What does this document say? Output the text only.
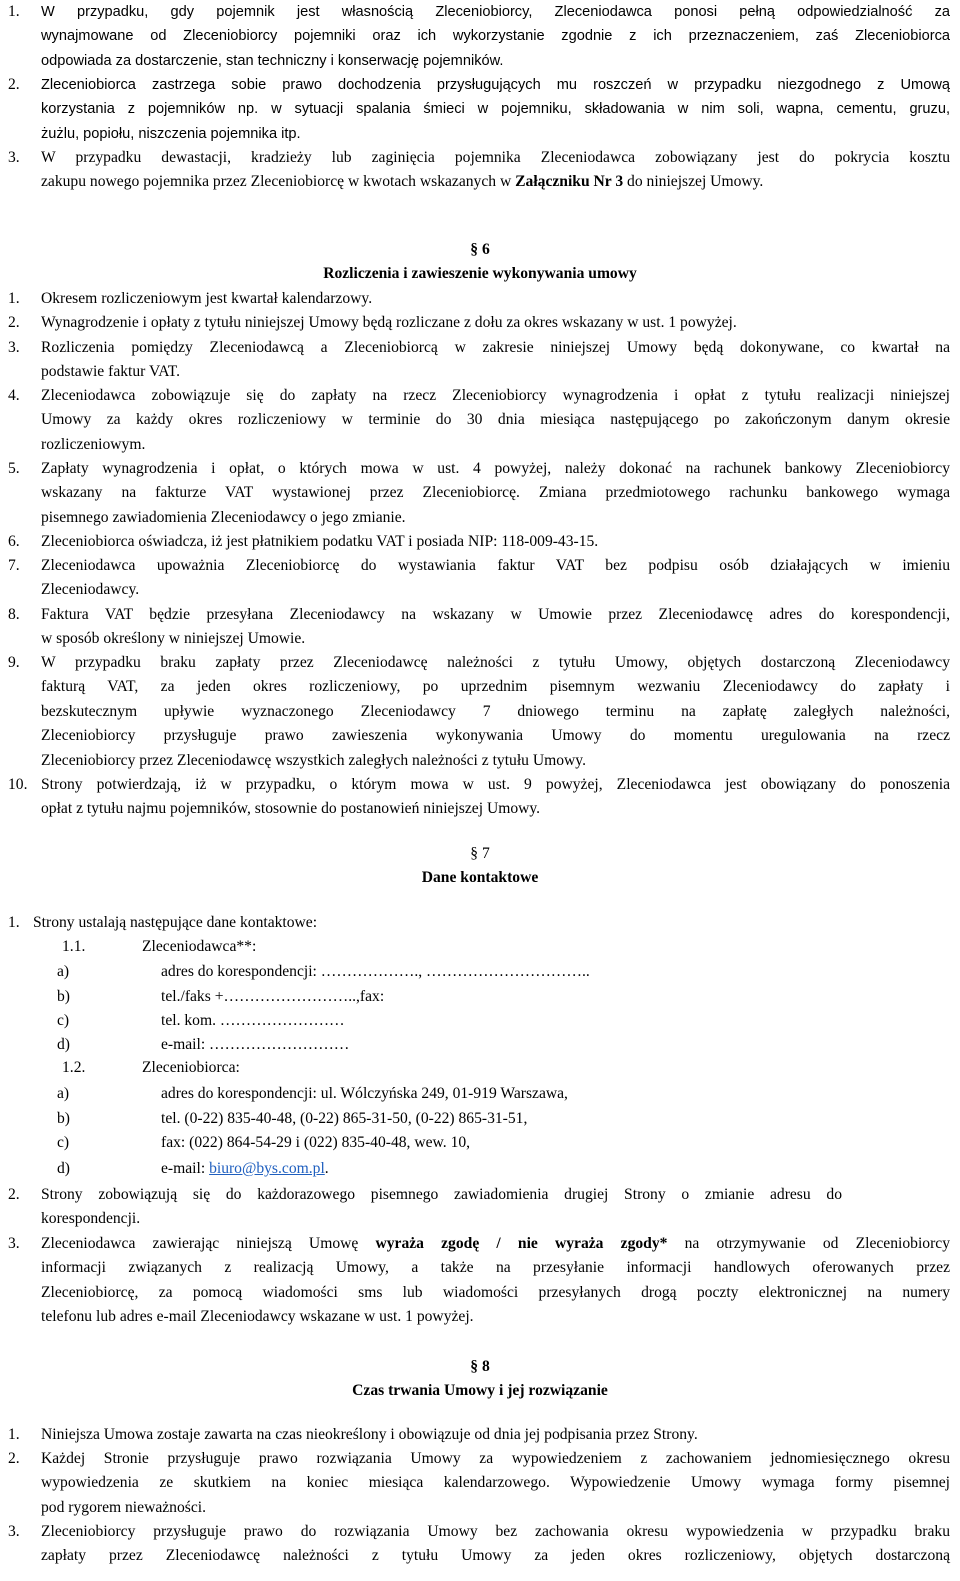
1. W przypadku, gdy pojemnik jest własnością Zleceniobiorcy, Zleceniodawca ponosi pełną odpowiedzialność za

wynajmowane od Zleceniobiorcy pojemniki oraz ich wykorzystanie zgodnie z ich przeznaczeniem, zaś Zleceniobiorca

odpowiada za dostarczenie, stan techniczny i konserwację pojemników.

2. Zleceniobiorca zastrzega sobie prawo dochodzenia przysługujących mu roszczeń w przypadku niezgodnego z Umową

korzystania z pojemników np. w sytuacji spalania śmieci w pojemniku, składowania w nim soli, wapna, cementu, gruzu,

żużlu, popiołu, niszczenia pojemnika itp.

3. W przypadku dewastacji, kradzieży lub zaginięcia pojemnika Zleceniodawca zobowiązany jest do pokrycia kosztu

zakupu nowego pojemnika przez Zleceniobiorcę w kwotach wskazanych w Załączniku Nr 3 do niniejszej Umowy.

§ 6
Rozliczenia i zawieszenie wykonywania umowy
1. Okresem rozliczeniowym jest kwartał kalendarzowy.

2. Wynagrodzenie i opłaty z tytułu niniejszej Umowy będą rozliczane z dołu za okres wskazany w ust. 1 powyżej.

3. Rozliczenia pomiędzy Zleceniodawcą a Zleceniobiorcą w zakresie niniejszej Umowy będą dokonywane, co kwartał na

podstawie faktur VAT.

4. Zleceniodawca zobowiązuje się do zapłaty na rzecz Zleceniobiorcy wynagrodzenia i opłat z tytułu realizacji niniejszej

Umowy za każdy okres rozliczeniowy w terminie do 30 dnia miesiąca następującego po zakończonym danym okresie

rozliczeniowym.

5. Zapłaty wynagrodzenia i opłat, o których mowa w ust. 4 powyżej, należy dokonać na rachunek bankowy Zleceniobiorcy

wskazany na fakturze VAT wystawionej przez Zleceniobiorcę. Zmiana przedmiotowego rachunku bankowego wymaga

pisemnego zawiadomienia Zleceniodawcy o jego zmianie.

6. Zleceniobiorca oświadcza, iż jest płatnikiem podatku VAT i posiada NIP: 118-009-43-15.

7. Zleceniodawca upoważnia Zleceniobiorcę do wystawiania faktur VAT bez podpisu osób działających w imieniu

Zleceniodawcy.

8. Faktura VAT będzie przesyłana Zleceniodawcy na wskazany w Umowie przez Zleceniodawcę adres do korespondencji,

w sposób określony w niniejszej Umowie.

9. W przypadku braku zapłaty przez Zleceniodawcę należności z tytułu Umowy, objętych dostarczoną Zleceniodawcy

fakturą VAT, za jeden okres rozliczeniowy, po uprzednim pisemnym wezwaniu Zleceniodawcy do zapłaty i

bezskutecznym upływie wyznaczonego Zleceniodawcy 7 dniowego terminu na zapłatę zaległych należności,

Zleceniobiorcy przysługuje prawo zawieszenia wykonywania Umowy do momentu uregulowania na rzecz

Zleceniobiorcy przez Zleceniodawcę wszystkich zaległych należności z tytułu Umowy.

10. Strony potwierdzają, iż w przypadku, o którym mowa w ust. 9 powyżej, Zleceniodawca jest obowiązany do ponoszenia

opłat z tytułu najmu pojemników, stosownie do postanowień niniejszej Umowy.

§ 7
Dane kontaktowe
1. Strony ustalają następujące dane kontaktowe:
1.1.	Zleceniodawca**:
a)	adres do korespondencji: ………………., …………………………..
b)	tel./faks +……………………..,fax:
c)	tel. kom. ……………………
d)	e-mail: ………………………
1.2.	Zleceniobiorca:
a)	adres do korespondencji: ul. Wólczyńska 249, 01-919 Warszawa,
b)	tel. (0-22) 835-40-48, (0-22) 865-31-50, (0-22) 865-31-51,
c)	fax: (022) 864-54-29 i (022) 835-40-48, wew. 10,
d)	e-mail: biuro@bys.com.pl.
2. Strony zobowiązują się do każdorazowego pisemnego zawiadomienia drugiej Strony o zmianie adresu do

korespondencji.

3. Zleceniodawca zawierając niniejszą Umowę wyraża zgodę / nie wyraża zgody* na otrzymywanie od Zleceniobiorcy

informacji związanych z realizacją Umowy, a także na przesyłanie informacji handlowych oferowanych przez

Zleceniobiorcę, za pomocą wiadomości sms lub wiadomości przesyłanych drogą poczty elektronicznej na numery

telefonu lub adres e-mail Zleceniodawcy wskazane w ust. 1 powyżej.

§ 8
Czas trwania Umowy i jej rozwiązanie
1. Niniejsza Umowa zostaje zawarta na czas nieokreślony i obowiązuje od dnia jej podpisania przez Strony.

2. Każdej Stronie przysługuje prawo rozwiązania Umowy za wypowiedzeniem z zachowaniem jednomiesięcznego okresu

wypowiedzenia ze skutkiem na koniec miesiąca kalendarzowego. Wypowiedzenie Umowy wymaga formy pisemnej

pod rygorem nieważności.

3. Zleceniobiorcy przysługuje prawo do rozwiązania Umowy bez zachowania okresu wypowiedzenia w przypadku braku

zapłaty przez Zleceniodawcę należności z tytułu Umowy za jeden okres rozliczeniowy, objętych dostarczoną
